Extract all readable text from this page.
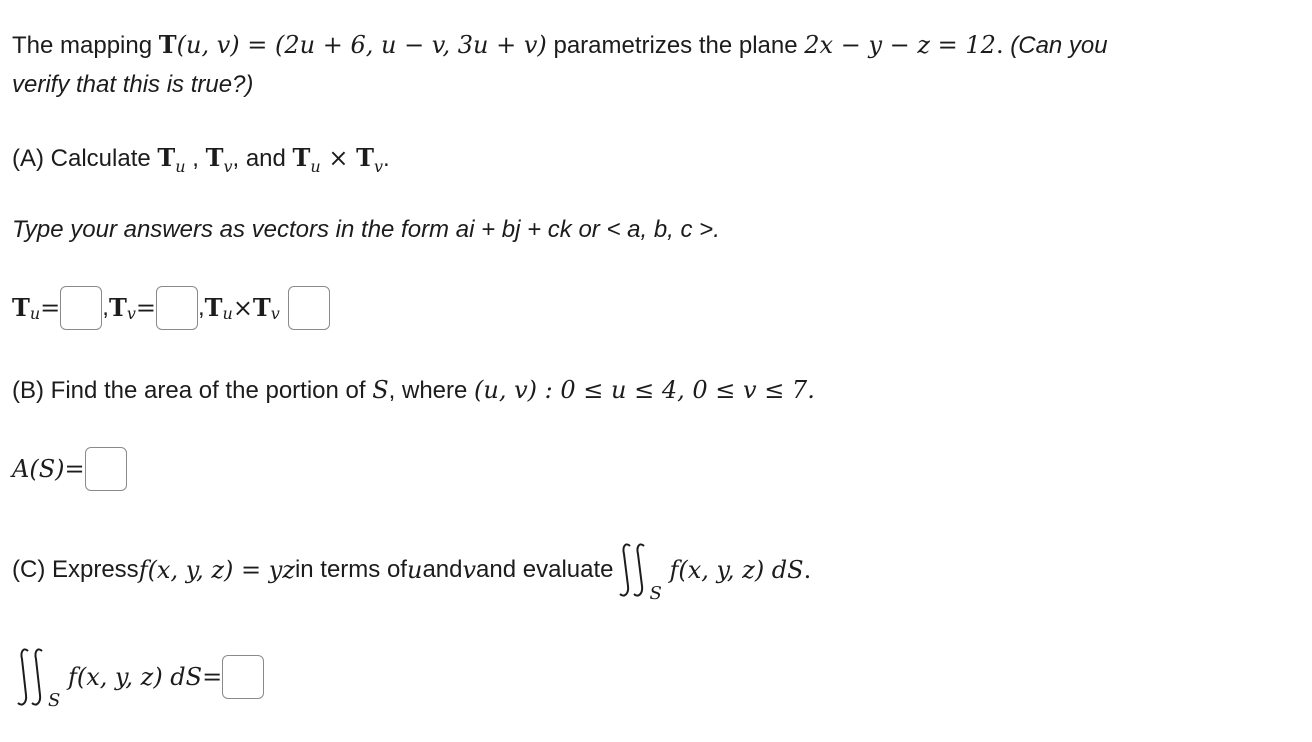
The mapping T(u, v) = (2u + 6, u − v, 3u + v) parametrizes the plane 2x − y − z = 12. (Can you
verify that this is true?)
(A) Calculate $T_u$ , $T_v$, and $T_u \times T_v$.
Type your answers as vectors in the form ai + bj + ck or < a, b, c >.
T u = , T v = , T u × T v
(B) Find the area of the portion of S, where (u, v) : 0 ≤ u ≤ 4, 0 ≤ v ≤ 7.
A(S) =
(C) Express f(x, y, z) = yz in terms of u and v and evaluate
S
f(x, y, z) dS .
S
f(x, y, z) dS =
